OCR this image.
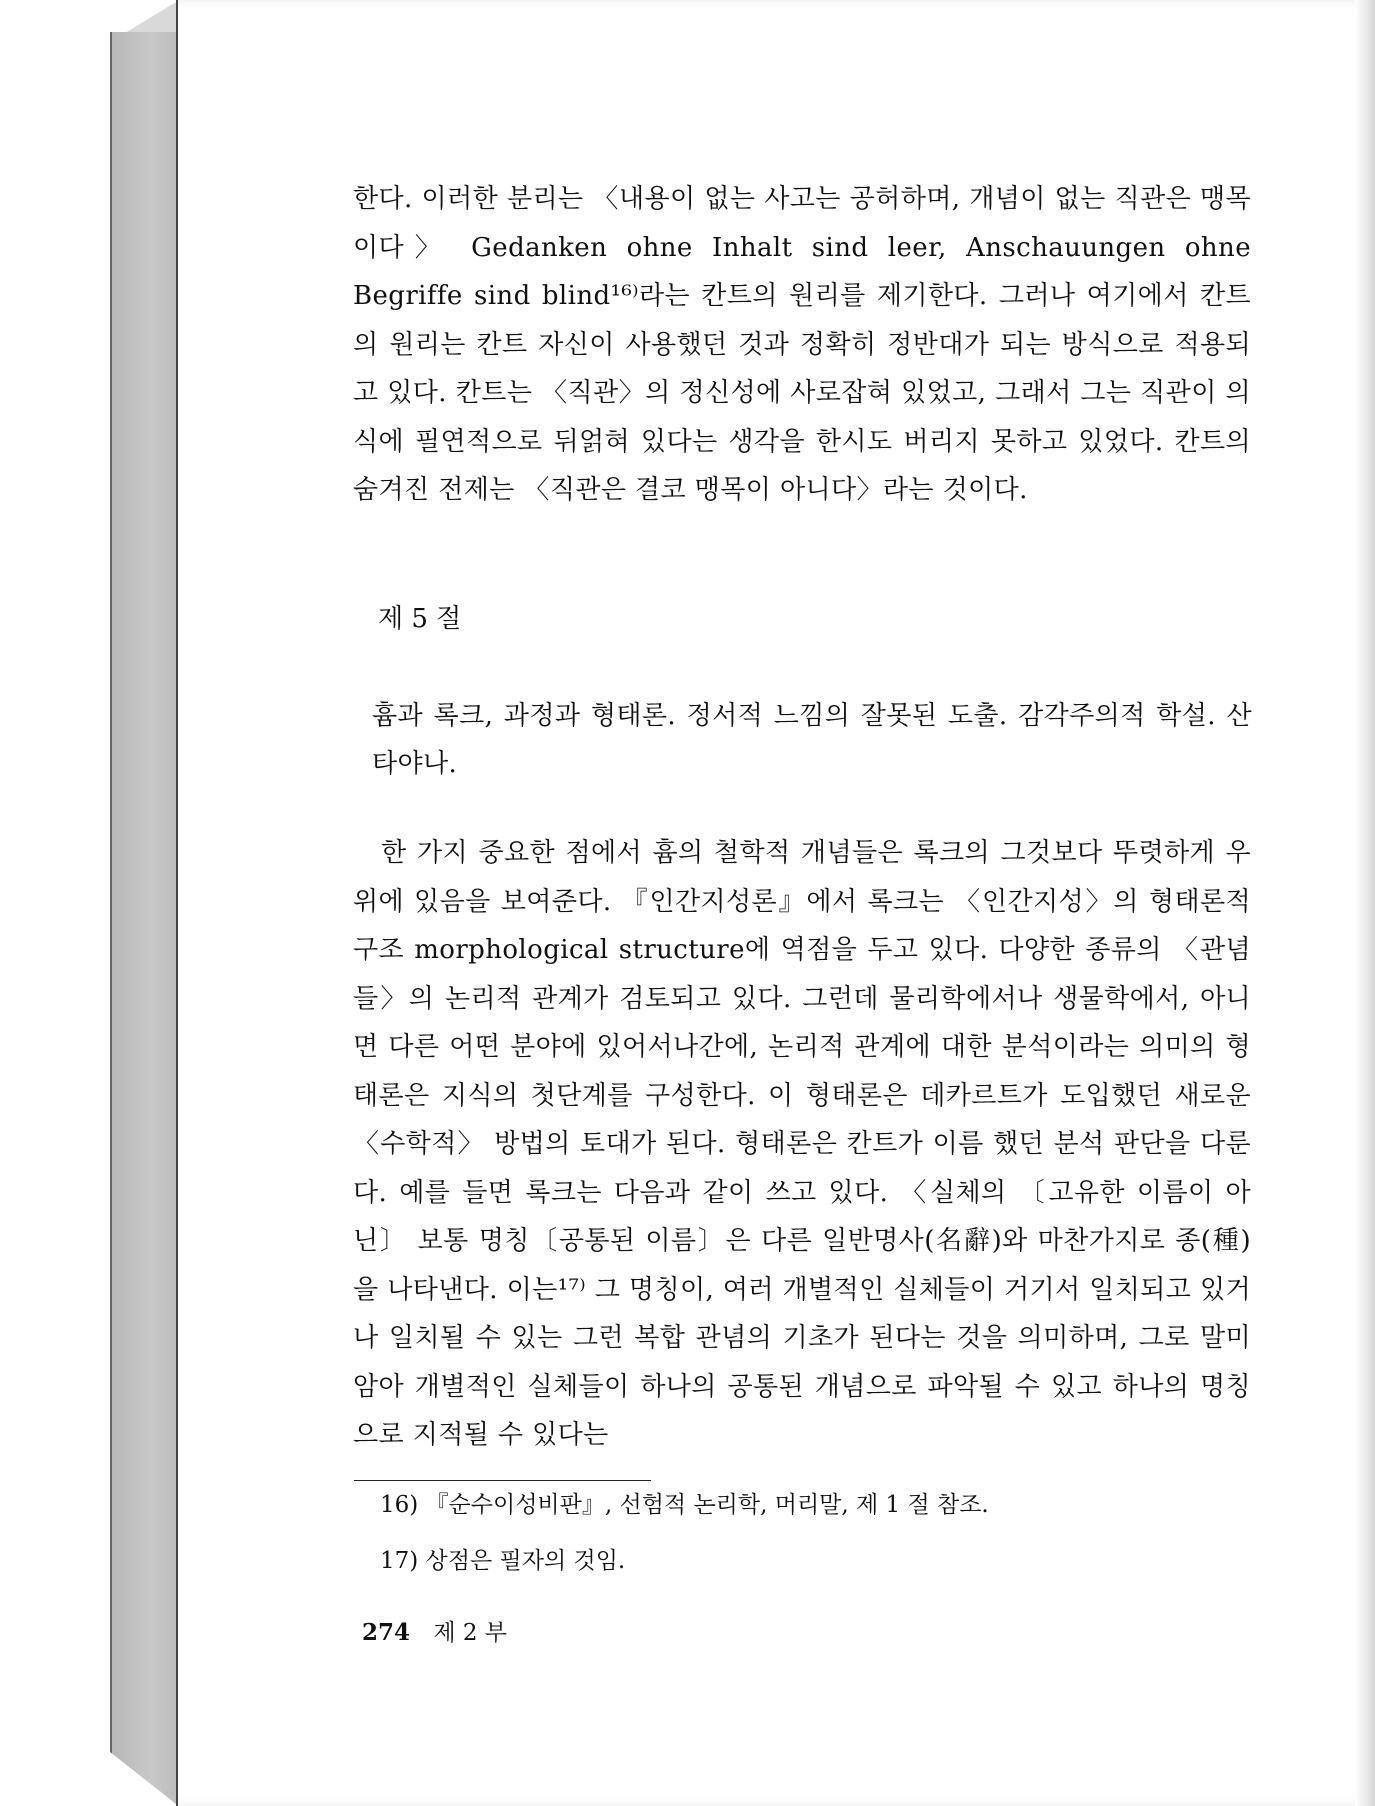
한다. 이러한 분리는 〈내용이 없는 사고는 공허하며, 개념이 없는 직관은 맹목이다〉 Gedanken ohne Inhalt sind leer, Anschauungen ohne Begriffe sind blind¹⁶⁾라는 칸트의 원리를 제기한다. 그러나 여기에서 칸트의 원리는 칸트 자신이 사용했던 것과 정확히 정반대가 되는 방식으로 적용되고 있다. 칸트는 〈직관〉의 정신성에 사로잡혀 있었고, 그래서 그는 직관이 의식에 필연적으로 뒤얽혀 있다는 생각을 한시도 버리지 못하고 있었다. 칸트의 숨겨진 전제는 〈직관은 결코 맹목이 아니다〉라는 것이다.

제 5 절

흄과 록크, 과정과 형태론. 정서적 느낌의 잘못된 도출. 감각주의적 학설. 산타야나.

한 가지 중요한 점에서 흄의 철학적 개념들은 록크의 그것보다 뚜렷하게 우위에 있음을 보여준다. 『인간지성론』에서 록크는 〈인간지성〉의 형태론적 구조 morphological structure에 역점을 두고 있다. 다양한 종류의 〈관념들〉의 논리적 관계가 검토되고 있다. 그런데 물리학에서나 생물학에서, 아니면 다른 어떤 분야에 있어서나간에, 논리적 관계에 대한 분석이라는 의미의 형태론은 지식의 첫단계를 구성한다. 이 형태론은 데카르트가 도입했던 새로운 〈수학적〉 방법의 토대가 된다. 형태론은 칸트가 이름 했던 분석 판단을 다룬다. 예를 들면 록크는 다음과 같이 쓰고 있다. 〈실체의 〔고유한 이름이 아닌〕 보통 명칭〔공통된 이름〕은 다른 일반명사(名辭)와 마찬가지로 종(種)을 나타낸다. 이는¹⁷⁾ 그 명칭이, 여러 개별적인 실체들이 거기서 일치되고 있거나 일치될 수 있는 그런 복합 관념의 기초가 된다는 것을 의미하며, 그로 말미암아 개별적인 실체들이 하나의 공통된 개념으로 파악될 수 있고 하나의 명칭으로 지적될 수 있다는

16) 『순수이성비판』, 선험적 논리학, 머리말, 제 1 절 참조.

17) 상점은 필자의 것임.

274 제 2 부
